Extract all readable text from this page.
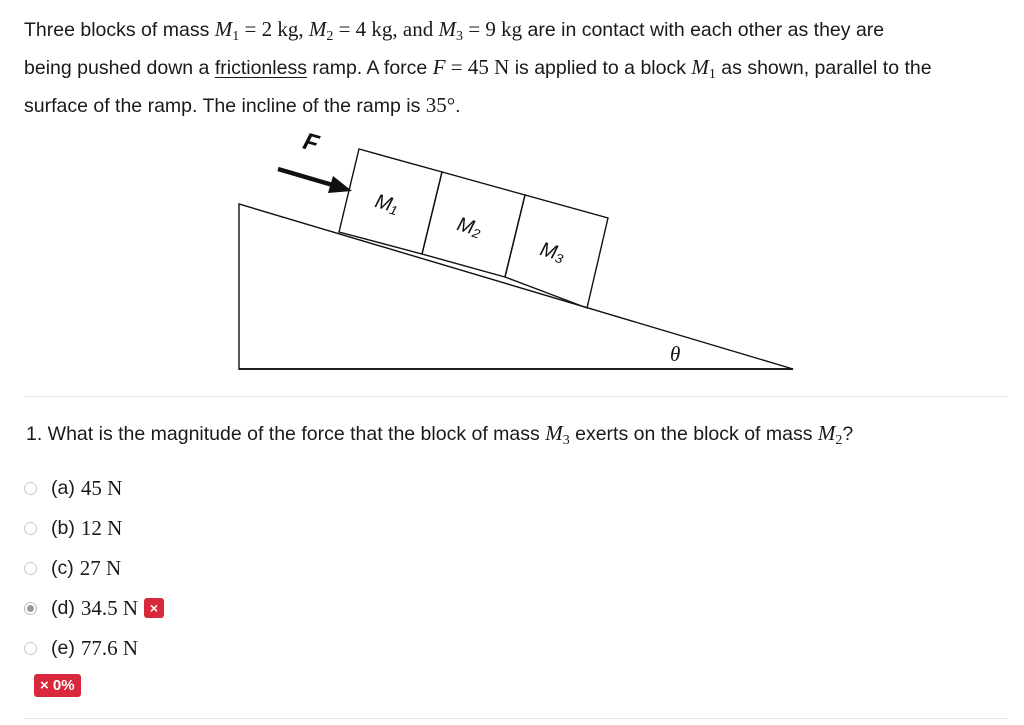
Three blocks of mass $M_1 = 2$ kg, $M_2 = 4$ kg, and $M_3 = 9$ kg are in contact with each other as they are
being pushed down a frictionless ramp. A force F = 45 N is applied to a block $M_1$ as shown, parallel to the
surface of the ramp. The incline of the ramp is 35°.
F
M₁
M₂
M₃
θ
1. What is the magnitude of the force that the block of mass $M_3$ exerts on the block of mass $M_2$?
(a) 45 N
(b) 12 N
(c) 27 N
(d) 34.5 N ×
(e) 77.6 N
× 0%
